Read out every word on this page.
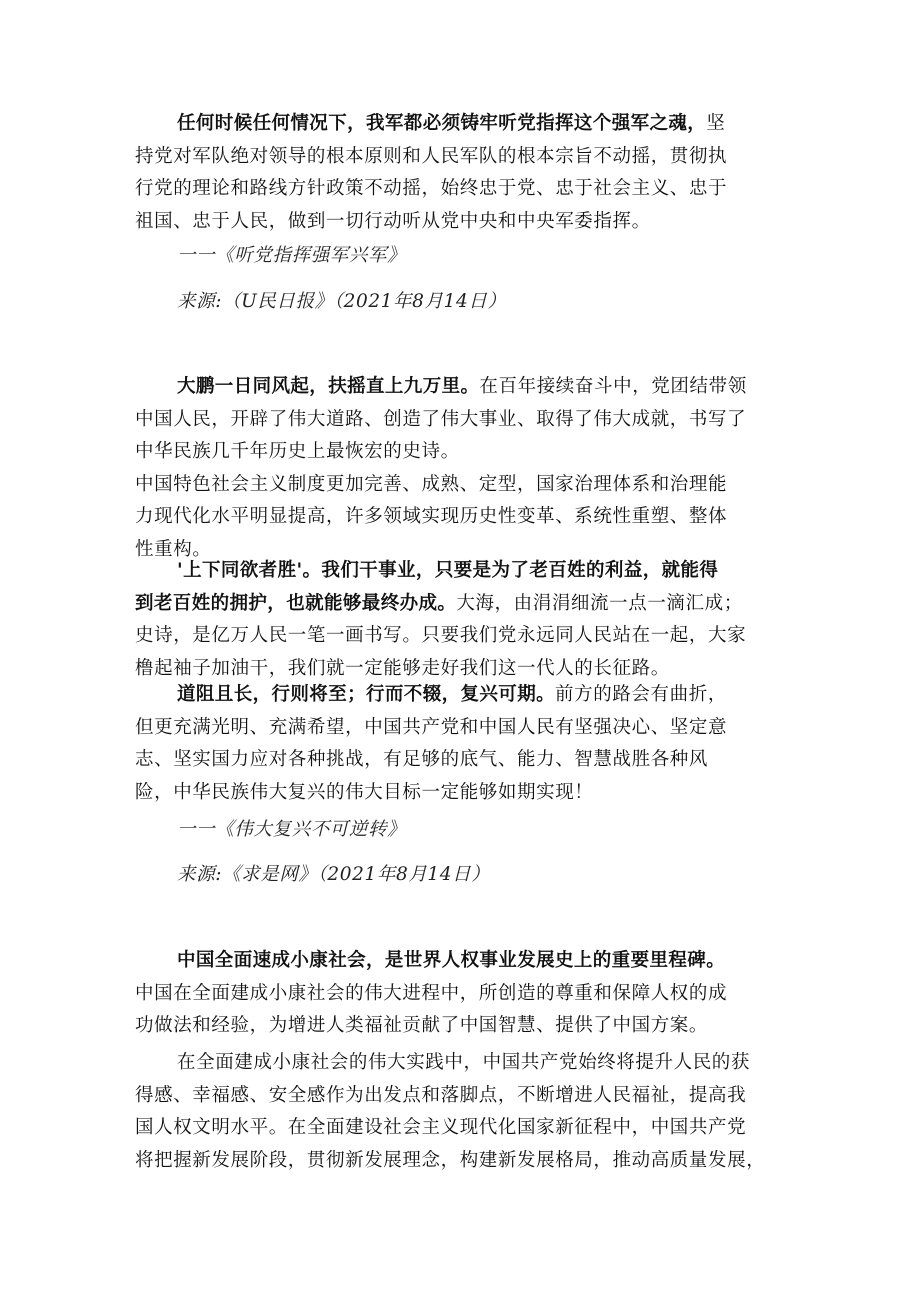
任何时候任何情况下，我军都必须铸牢听党指挥这个强军之魂，坚
持党对军队绝对领导的根本原则和人民军队的根本宗旨不动摇，贯彻执
行党的理论和路线方针政策不动摇，始终忠于党、忠于社会主义、忠于
祖国、忠于人民，做到一切行动听从党中央和中央军委指挥。

一一《听党指挥强军兴军》

来源:（U民日报》（2021年8月14日）

大鹏一日同风起，扶摇直上九万里。在百年接续奋斗中，党团结带领
中国人民，开辟了伟大道路、创造了伟大事业、取得了伟大成就，书写了
中华民族几千年历史上最恢宏的史诗。
中国特色社会主义制度更加完善、成熟、定型，国家治理体系和治理能
力现代化水平明显提高，许多领域实现历史性变革、系统性重塑、整体
性重构。

'上下同欲者胜'。我们干事业，只要是为了老百姓的利益，就能得
到老百姓的拥护，也就能够最终办成。大海，由涓涓细流一点一滴汇成；
史诗，是亿万人民一笔一画书写。只要我们党永远同人民站在一起，大家
橹起袖子加油干，我们就一定能够走好我们这一代人的长征路。

道阻且长，行则将至；行而不辍，复兴可期。前方的路会有曲折，
但更充满光明、充满希望，中国共产党和中国人民有坚强决心、坚定意
志、坚实国力应对各种挑战，有足够的底气、能力、智慧战胜各种风
险，中华民族伟大复兴的伟大目标一定能够如期实现！

一一《伟大复兴不可逆转》

来源:《求是网》（2021年8月14日）

中国全面速成小康社会，是世界人权事业发展史上的重要里程碑。
中国在全面建成小康社会的伟大进程中，所创造的尊重和保障人权的成
功做法和经验，为增进人类福祉贡献了中国智慧、提供了中国方案。

在全面建成小康社会的伟大实践中，中国共产党始终将提升人民的获
得感、幸福感、安全感作为出发点和落脚点，不断增进人民福祉，提高我
国人权文明水平。在全面建设社会主义现代化国家新征程中，中国共产党
将把握新发展阶段，贯彻新发展理念，构建新发展格局，推动高质量发展，
